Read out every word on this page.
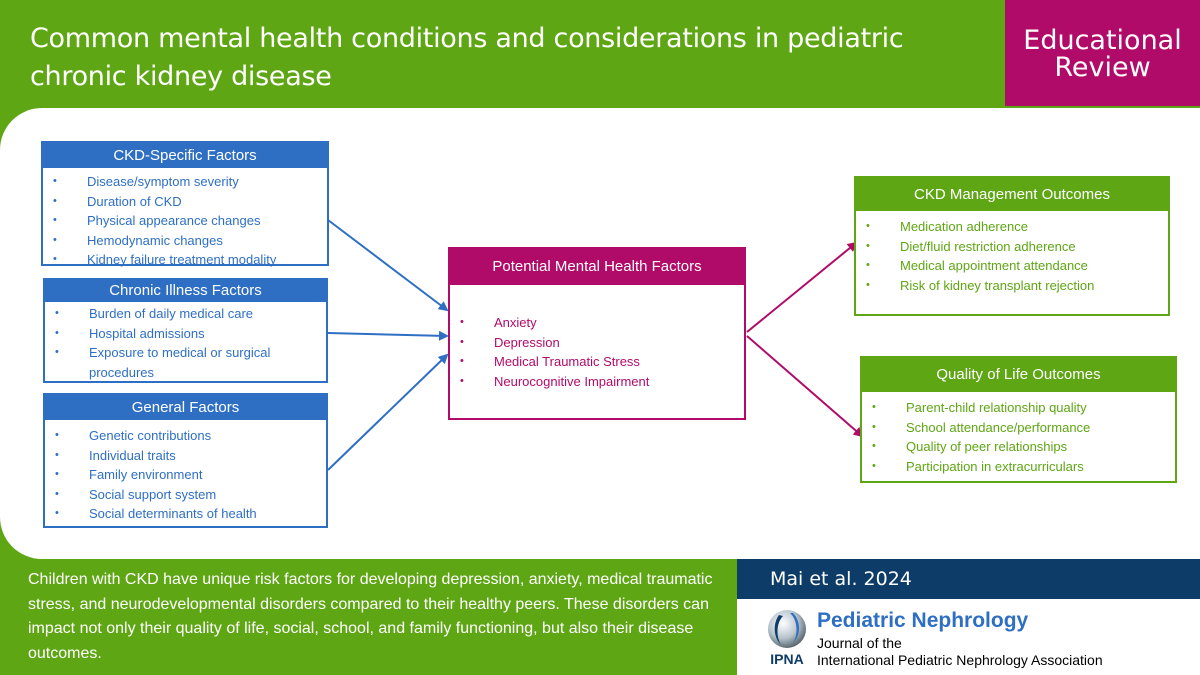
Common mental health conditions and considerations in pediatric chronic kidney disease
Educational
Review
CKD-Specific Factors
• Disease/symptom severity
• Duration of CKD
• Physical appearance changes
• Hemodynamic changes
• Kidney failure treatment modality
Chronic Illness Factors
• Burden of daily medical care
• Hospital admissions
• Exposure to medical or surgical procedures
General Factors
• Genetic contributions
• Individual traits
• Family environment
• Social support system
• Social determinants of health
Potential Mental Health Factors
• Anxiety
• Depression
• Medical Traumatic Stress
• Neurocognitive Impairment
CKD Management Outcomes
• Medication adherence
• Diet/fluid restriction adherence
• Medical appointment attendance
• Risk of kidney transplant rejection
Quality of Life Outcomes
• Parent-child relationship quality
• School attendance/performance
• Quality of peer relationships
• Participation in extracurriculars
Children with CKD have unique risk factors for developing depression, anxiety, medical traumatic stress, and neurodevelopmental disorders compared to their healthy peers. These disorders can impact not only their quality of life, social, school, and family functioning, but also their disease outcomes.
Mai et al. 2024
IPNA
Pediatric Nephrology
Journal of the
International Pediatric Nephrology Association
